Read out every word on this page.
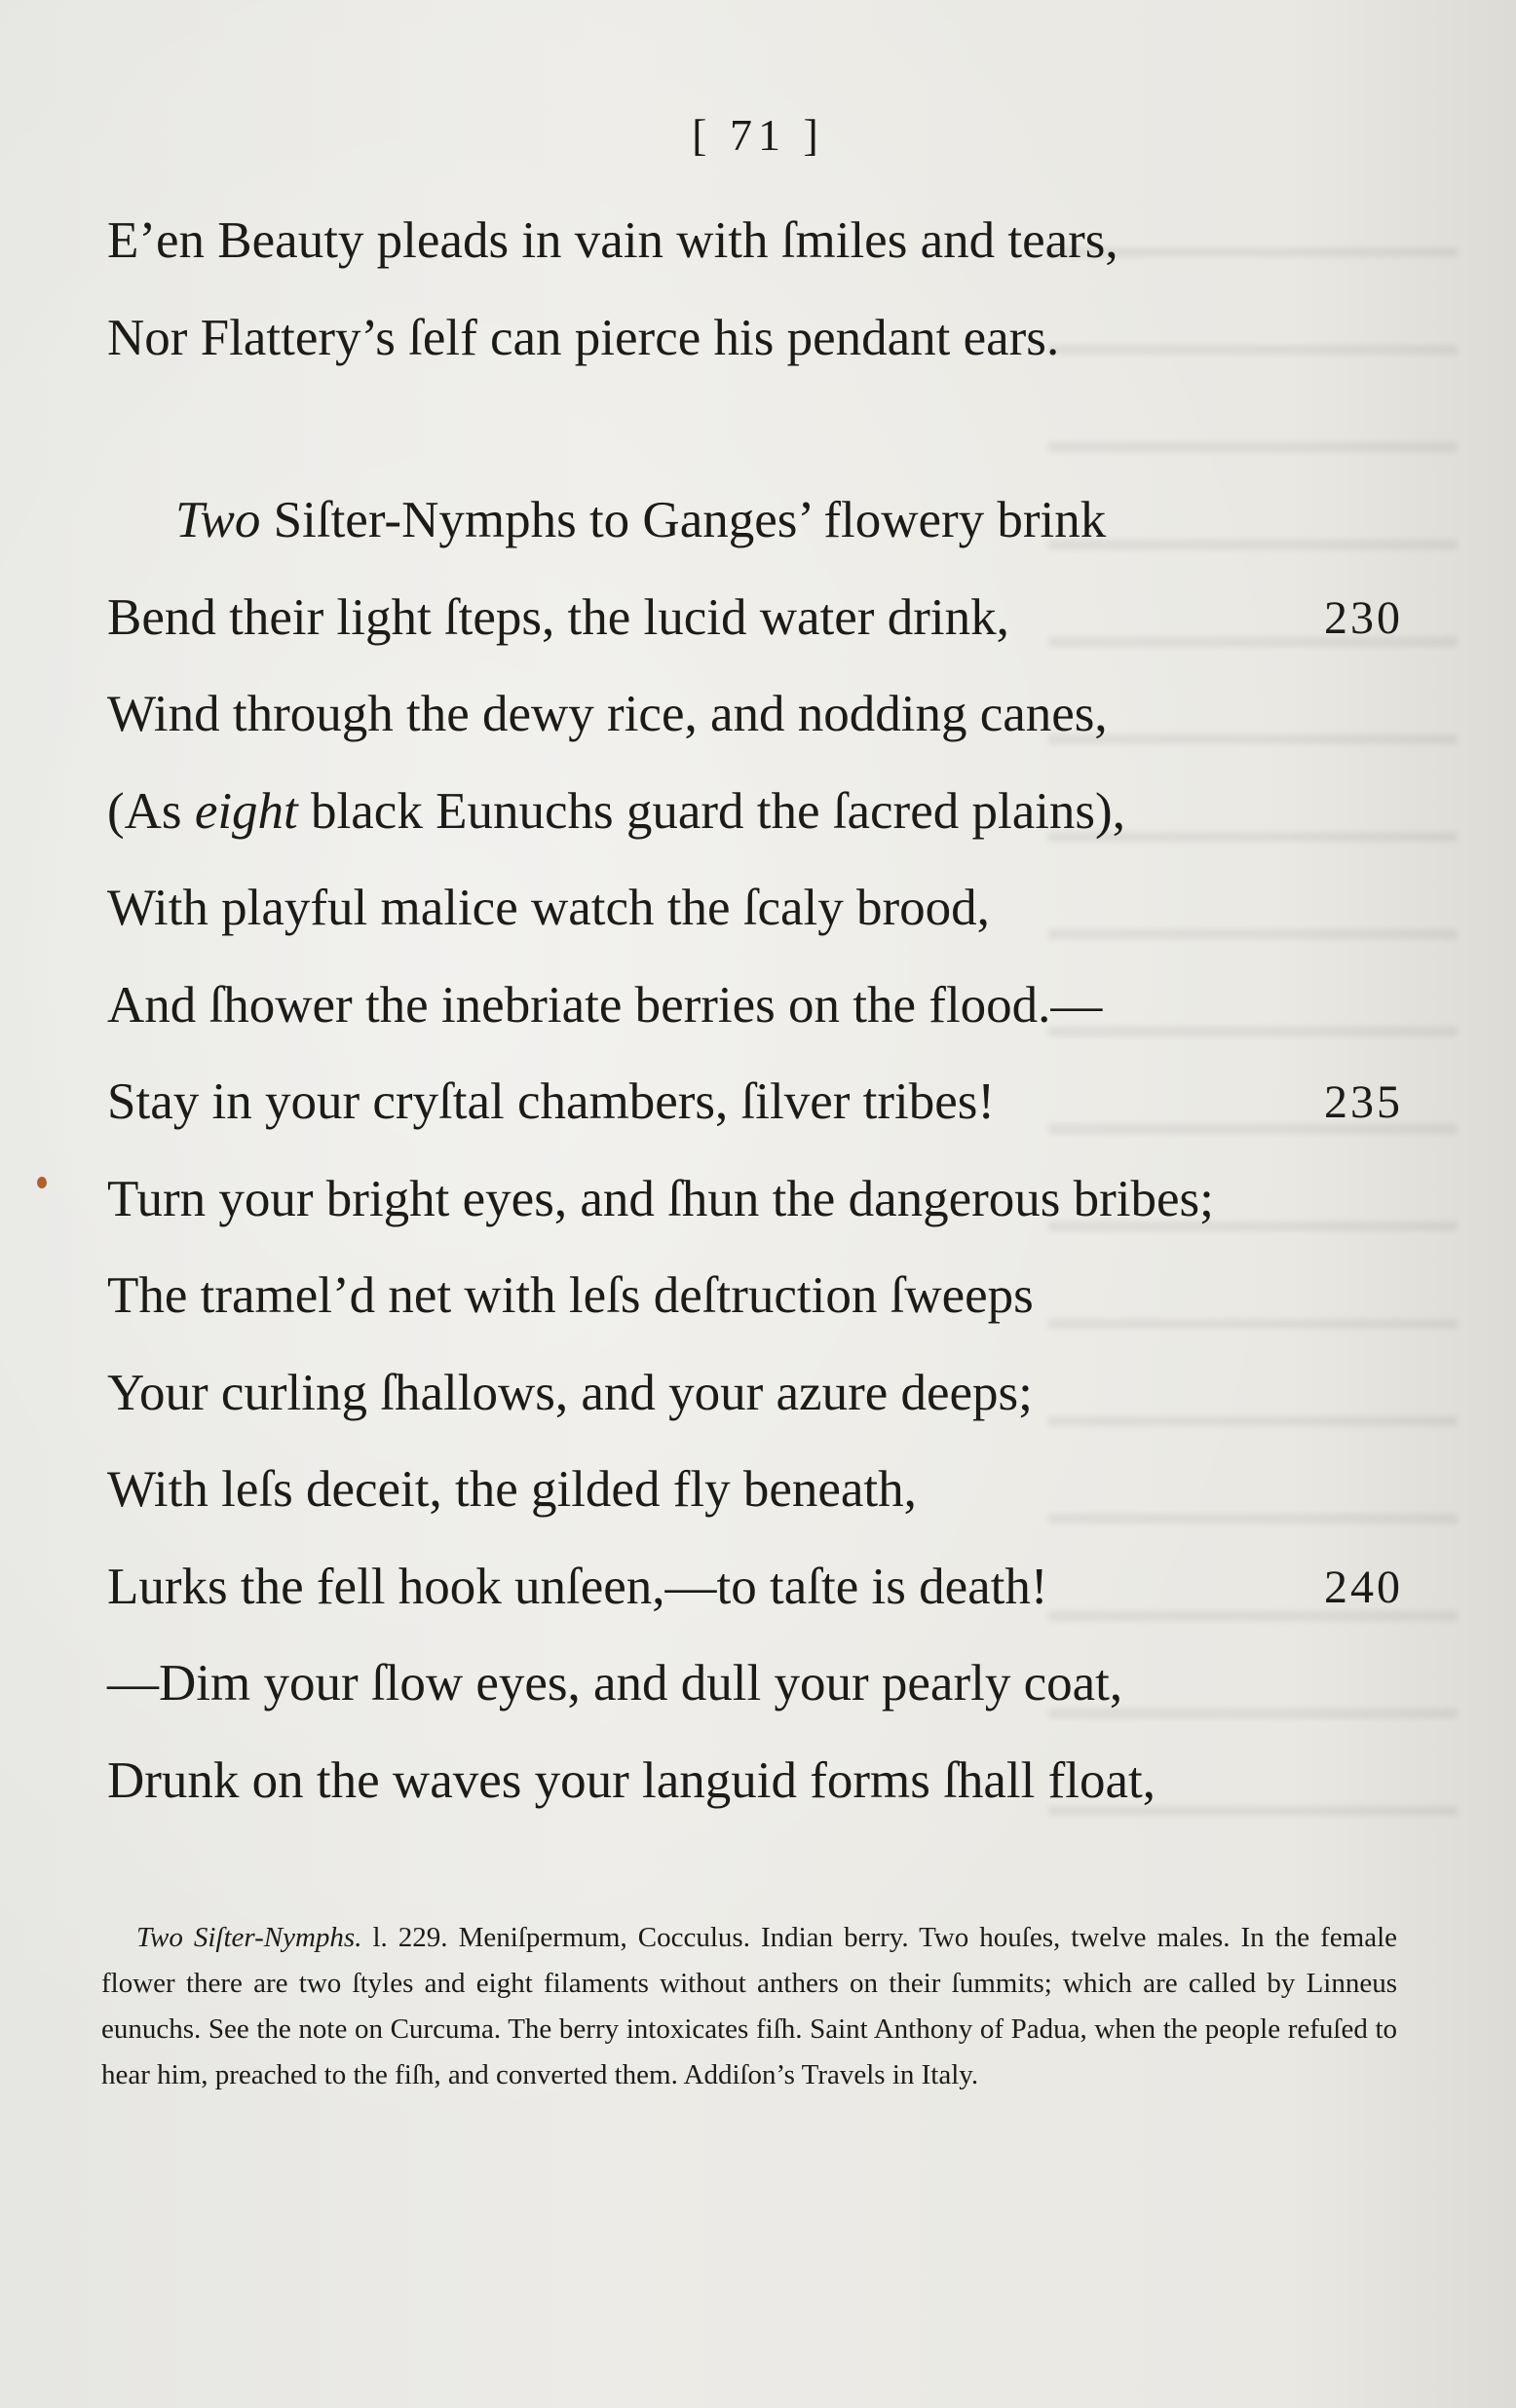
[ 71 ]
E’en Beauty pleads in vain with ſmiles and tears,
Nor Flattery’s ſelf can pierce his pendant ears.
Two Siſter-Nymphs to Ganges’ flowery brink
Bend their light ſteps, the lucid water drink,	230
Wind through the dewy rice, and nodding canes,
(As eight black Eunuchs guard the ſacred plains),
With playful malice watch the ſcaly brood,
And ſhower the inebriate berries on the flood.—
Stay in your cryſtal chambers, ſilver tribes!	235
Turn your bright eyes, and ſhun the dangerous bribes;
The tramel’d net with leſs deſtruction ſweeps
Your curling ſhallows, and your azure deeps;
With leſs deceit, the gilded fly beneath,
Lurks the fell hook unſeen,—to taſte is death!	240
—Dim your ſlow eyes, and dull your pearly coat,
Drunk on the waves your languid forms ſhall float,
Two Siſter-Nymphs. l. 229. Meniſpermum, Cocculus. Indian berry. Two houſes, twelve males. In the female flower there are two ſtyles and eight filaments without anthers on their ſummits; which are called by Linneus eunuchs. See the note on Curcuma. The berry intoxicates fiſh. Saint Anthony of Padua, when the people refuſed to hear him, preached to the fiſh, and converted them. Addiſon’s Travels in Italy.
